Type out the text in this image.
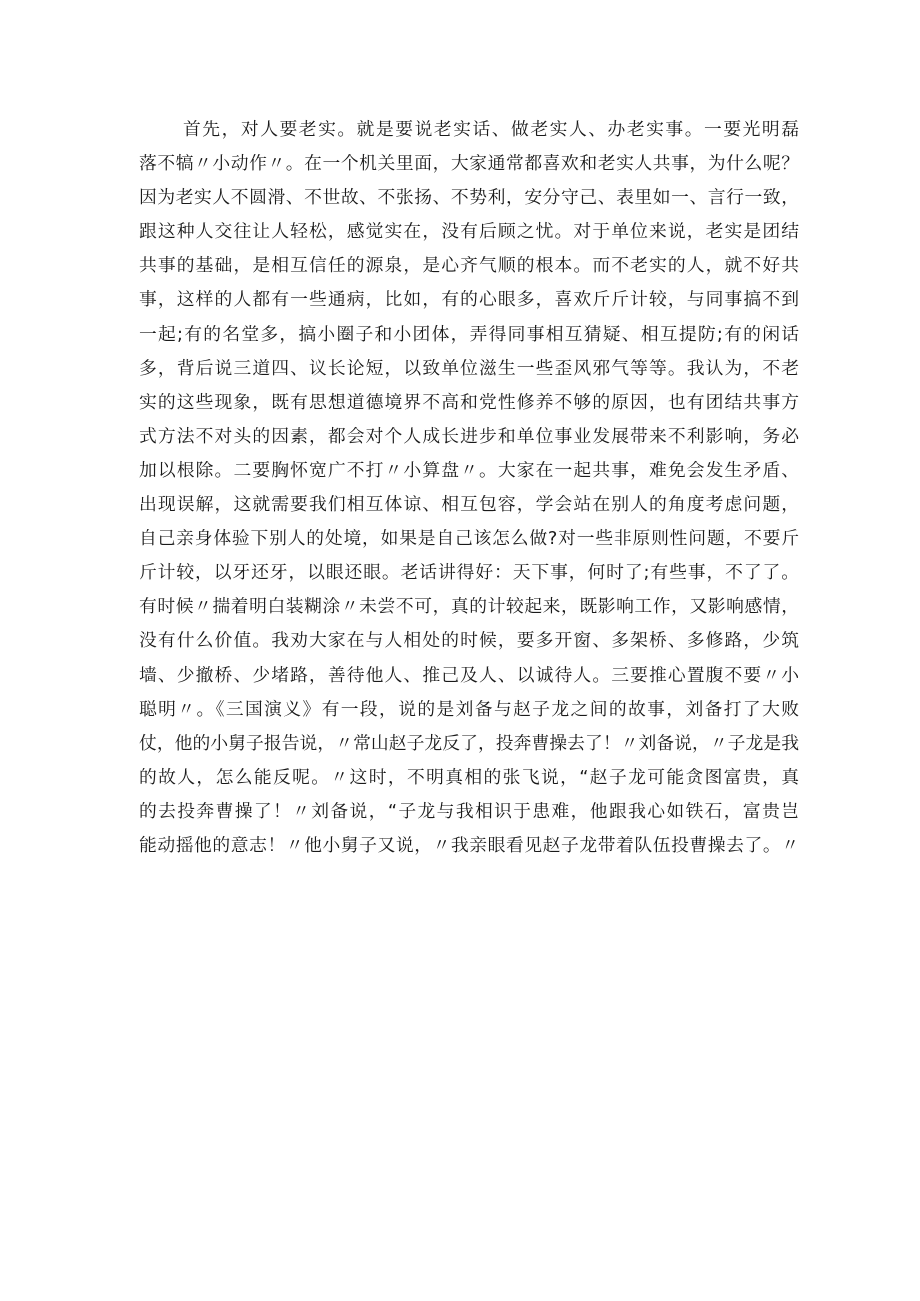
首先，对人要老实。就是要说老实话、做老实人、办老实事。一要光明磊
落不犒〃小动作〃。在一个机关里面，大家通常都喜欢和老实人共事，为什么呢？
因为老实人不圆滑、不世故、不张扬、不势利，安分守己、表里如一、言行一致，
跟这种人交往让人轻松，感觉实在，没有后顾之忧。对于单位来说，老实是团结
共事的基础，是相互信任的源泉，是心齐气顺的根本。而不老实的人，就不好共
事，这样的人都有一些通病，比如，有的心眼多，喜欢斤斤计较，与同事搞不到
一起;有的名堂多，搞小圈子和小团体，弄得同事相互猜疑、相互提防;有的闲话
多，背后说三道四、议长论短，以致单位滋生一些歪风邪气等等。我认为，不老
实的这些现象，既有思想道德境界不高和党性修养不够的原因，也有团结共事方
式方法不对头的因素，都会对个人成长进步和单位事业发展带来不利影响，务必
加以根除。二要胸怀宽广不打〃小算盘〃。大家在一起共事，难免会发生矛盾、
出现误解，这就需要我们相互体谅、相互包容，学会站在别人的角度考虑问题，
自己亲身体验下别人的处境，如果是自己该怎么做?对一些非原则性问题，不要斤
斤计较，以牙还牙，以眼还眼。老话讲得好：天下事，何时了;有些事，不了了。
有时候〃揣着明白装糊涂〃未尝不可，真的计较起来，既影响工作，又影响感情，
没有什么价值。我劝大家在与人相处的时候，要多开窗、多架桥、多修路，少筑
墙、少撤桥、少堵路，善待他人、推己及人、以诚待人。三要推心置腹不要〃小
聪明〃。《三国演义》有一段，说的是刘备与赵子龙之间的故事，刘备打了大败
仗，他的小舅子报告说，〃常山赵子龙反了，投奔曹操去了！〃刘备说，〃子龙是我
的故人，怎么能反呢。〃这时，不明真相的张飞说，“赵子龙可能贪图富贵，真
的去投奔曹操了！〃刘备说，“子龙与我相识于患难，他跟我心如铁石，富贵岂
能动摇他的意志！〃他小舅子又说，〃我亲眼看见赵子龙带着队伍投曹操去了。〃
